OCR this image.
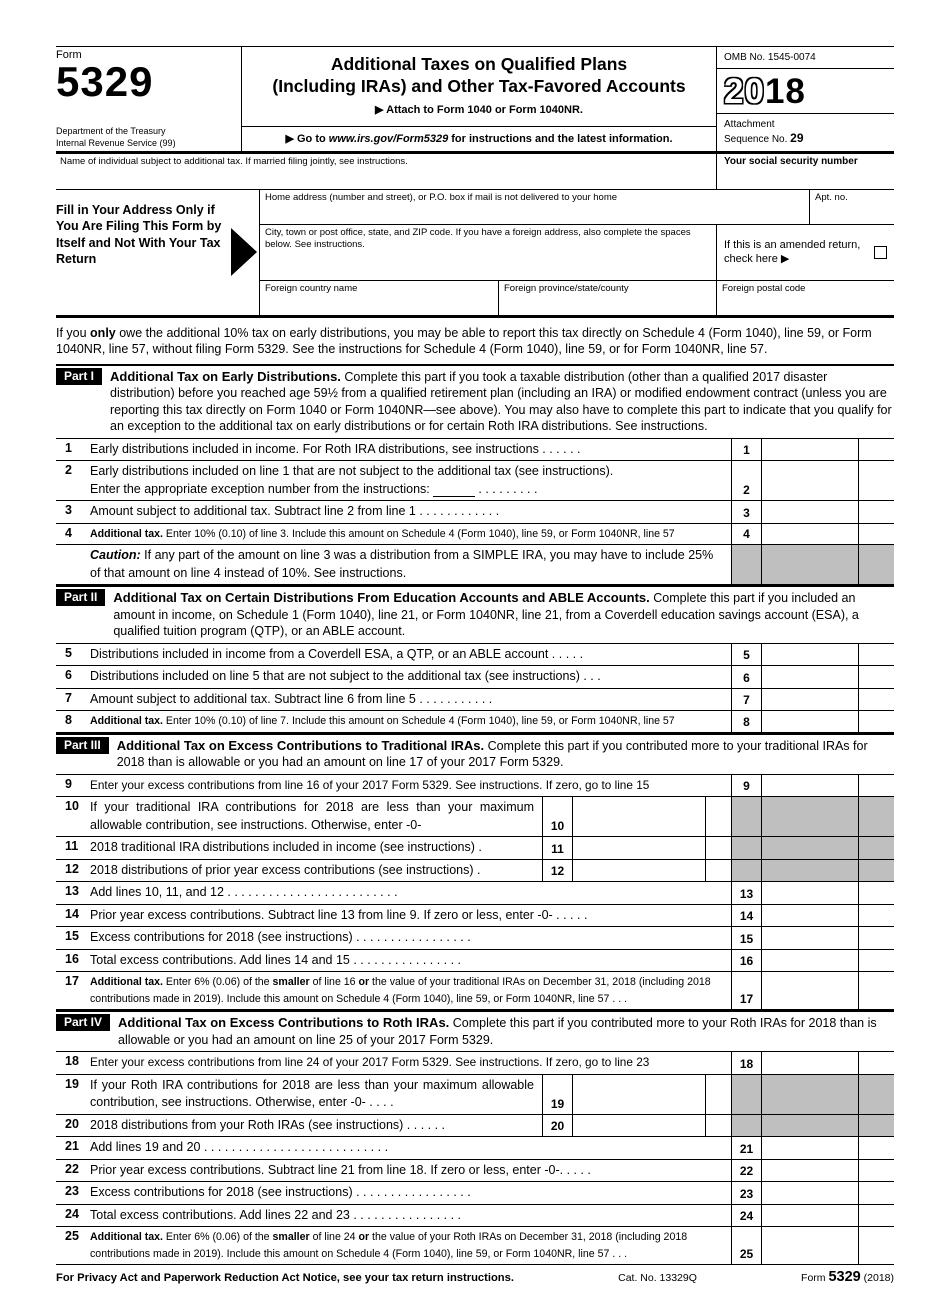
Form
5329
Department of the Treasury
Internal Revenue Service (99)
Additional Taxes on Qualified Plans
(Including IRAs) and Other Tax-Favored Accounts
▶ Attach to Form 1040 or Form 1040NR.
▶ Go to www.irs.gov/Form5329 for instructions and the latest information.
OMB No. 1545-0074
2018
Attachment
Sequence No. 29
Name of individual subject to additional tax. If married filing jointly, see instructions.	Your social security number
Fill in Your Address Only if You Are Filing This Form by Itself and Not With Your Tax Return
Home address (number and street), or P.O. box if mail is not delivered to your home	Apt. no.
City, town or post office, state, and ZIP code. If you have a foreign address, also complete the spaces below. See instructions.	If this is an amended return, check here ▶
Foreign country name	Foreign province/state/county	Foreign postal code
If you only owe the additional 10% tax on early distributions, you may be able to report this tax directly on Schedule 4 (Form 1040), line 59, or Form 1040NR, line 57, without filing Form 5329. See the instructions for Schedule 4 (Form 1040), line 59, or for Form 1040NR, line 57.
Part I	Additional Tax on Early Distributions. Complete this part if you took a taxable distribution (other than a qualified 2017 disaster distribution) before you reached age 59½ from a qualified retirement plan (including an IRA) or modified endowment contract (unless you are reporting this tax directly on Form 1040 or Form 1040NR—see above). You may also have to complete this part to indicate that you qualify for an exception to the additional tax on early distributions or for certain Roth IRA distributions. See instructions.
1	Early distributions included in income. For Roth IRA distributions, see instructions . . . . . .	1
2	Early distributions included on line 1 that are not subject to the additional tax (see instructions).
Enter the appropriate exception number from the instructions:	. . . . . . . . .	2
3	Amount subject to additional tax. Subtract line 2 from line 1 . . . . . . . . . . . .	3
4	Additional tax. Enter 10% (0.10) of line 3. Include this amount on Schedule 4 (Form 1040), line 59, or Form 1040NR, line 57	4
Caution: If any part of the amount on line 3 was a distribution from a SIMPLE IRA, you may have to include 25% of that amount on line 4 instead of 10%. See instructions.
Part II	Additional Tax on Certain Distributions From Education Accounts and ABLE Accounts. Complete this part if you included an amount in income, on Schedule 1 (Form 1040), line 21, or Form 1040NR, line 21, from a Coverdell education savings account (ESA), a qualified tuition program (QTP), or an ABLE account.
5	Distributions included in income from a Coverdell ESA, a QTP, or an ABLE account . . . . .	5
6	Distributions included on line 5 that are not subject to the additional tax (see instructions) . . .	6
7	Amount subject to additional tax. Subtract line 6 from line 5 . . . . . . . . . . .	7
8	Additional tax. Enter 10% (0.10) of line 7. Include this amount on Schedule 4 (Form 1040), line 59, or Form 1040NR, line 57	8
Part III	Additional Tax on Excess Contributions to Traditional IRAs. Complete this part if you contributed more to your traditional IRAs for 2018 than is allowable or you had an amount on line 17 of your 2017 Form 5329.
9	Enter your excess contributions from line 16 of your 2017 Form 5329. See instructions. If zero, go to line 15	9
10 If your traditional IRA contributions for 2018 are less than your maximum allowable contribution, see instructions. Otherwise, enter -0-	10
11 2018 traditional IRA distributions included in income (see instructions) .	11
12 2018 distributions of prior year excess contributions (see instructions) .	12
13 Add lines 10, 11, and 12 . . . . . . . . . . . . . . . . . . . . . . . . .	13
14 Prior year excess contributions. Subtract line 13 from line 9. If zero or less, enter -0- . . . . .	14
15 Excess contributions for 2018 (see instructions) . . . . . . . . . . . . . . . . .	15
16 Total excess contributions. Add lines 14 and 15 . . . . . . . . . . . . . . . .	16
17	Additional tax. Enter 6% (0.06) of the smaller of line 16 or the value of your traditional IRAs on December 31, 2018 (including 2018 contributions made in 2019). Include this amount on Schedule 4 (Form 1040), line 59, or Form 1040NR, line 57 . . .	17
Part IV	Additional Tax on Excess Contributions to Roth IRAs. Complete this part if you contributed more to your Roth IRAs for 2018 than is allowable or you had an amount on line 25 of your 2017 Form 5329.
18 Enter your excess contributions from line 24 of your 2017 Form 5329. See instructions. If zero, go to line 23	18
19 If your Roth IRA contributions for 2018 are less than your maximum allowable contribution, see instructions. Otherwise, enter -0- . . . .	19
20 2018 distributions from your Roth IRAs (see instructions) . . . . . .	20
21 Add lines 19 and 20 . . . . . . . . . . . . . . . . . . . . . . . . . . .	21
22 Prior year excess contributions. Subtract line 21 from line 18. If zero or less, enter -0-. . . . .	22
23 Excess contributions for 2018 (see instructions) . . . . . . . . . . . . . . . . .	23
24 Total excess contributions. Add lines 22 and 23 . . . . . . . . . . . . . . . .	24
25	Additional tax. Enter 6% (0.06) of the smaller of line 24 or the value of your Roth IRAs on December 31, 2018 (including 2018 contributions made in 2019). Include this amount on Schedule 4 (Form 1040), line 59, or Form 1040NR, line 57 . . .	25
For Privacy Act and Paperwork Reduction Act Notice, see your tax return instructions.	Cat. No. 13329Q	Form 5329 (2018)
